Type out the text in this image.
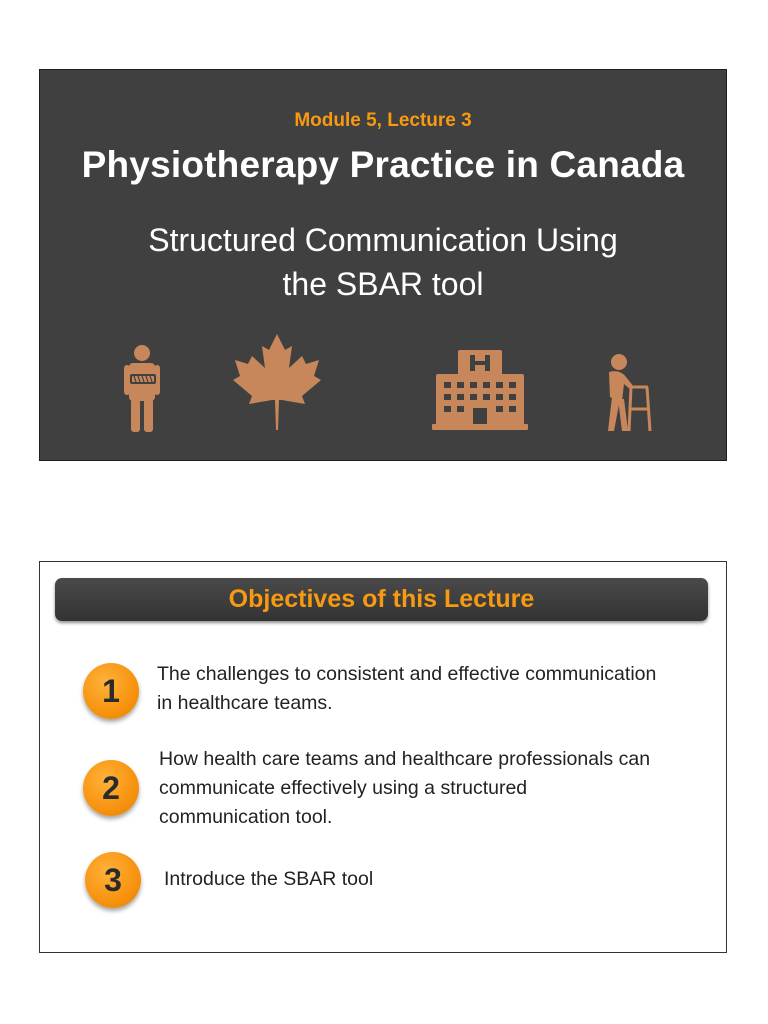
Module 5, Lecture 3
Physiotherapy Practice in Canada
Structured Communication Using
the SBAR tool
Objectives of this Lecture
1	The challenges to consistent and effective communication
in healthcare teams.
2
How health care teams and healthcare professionals can
communicate effectively using a structured
communication tool.
3	Introduce the SBAR tool
